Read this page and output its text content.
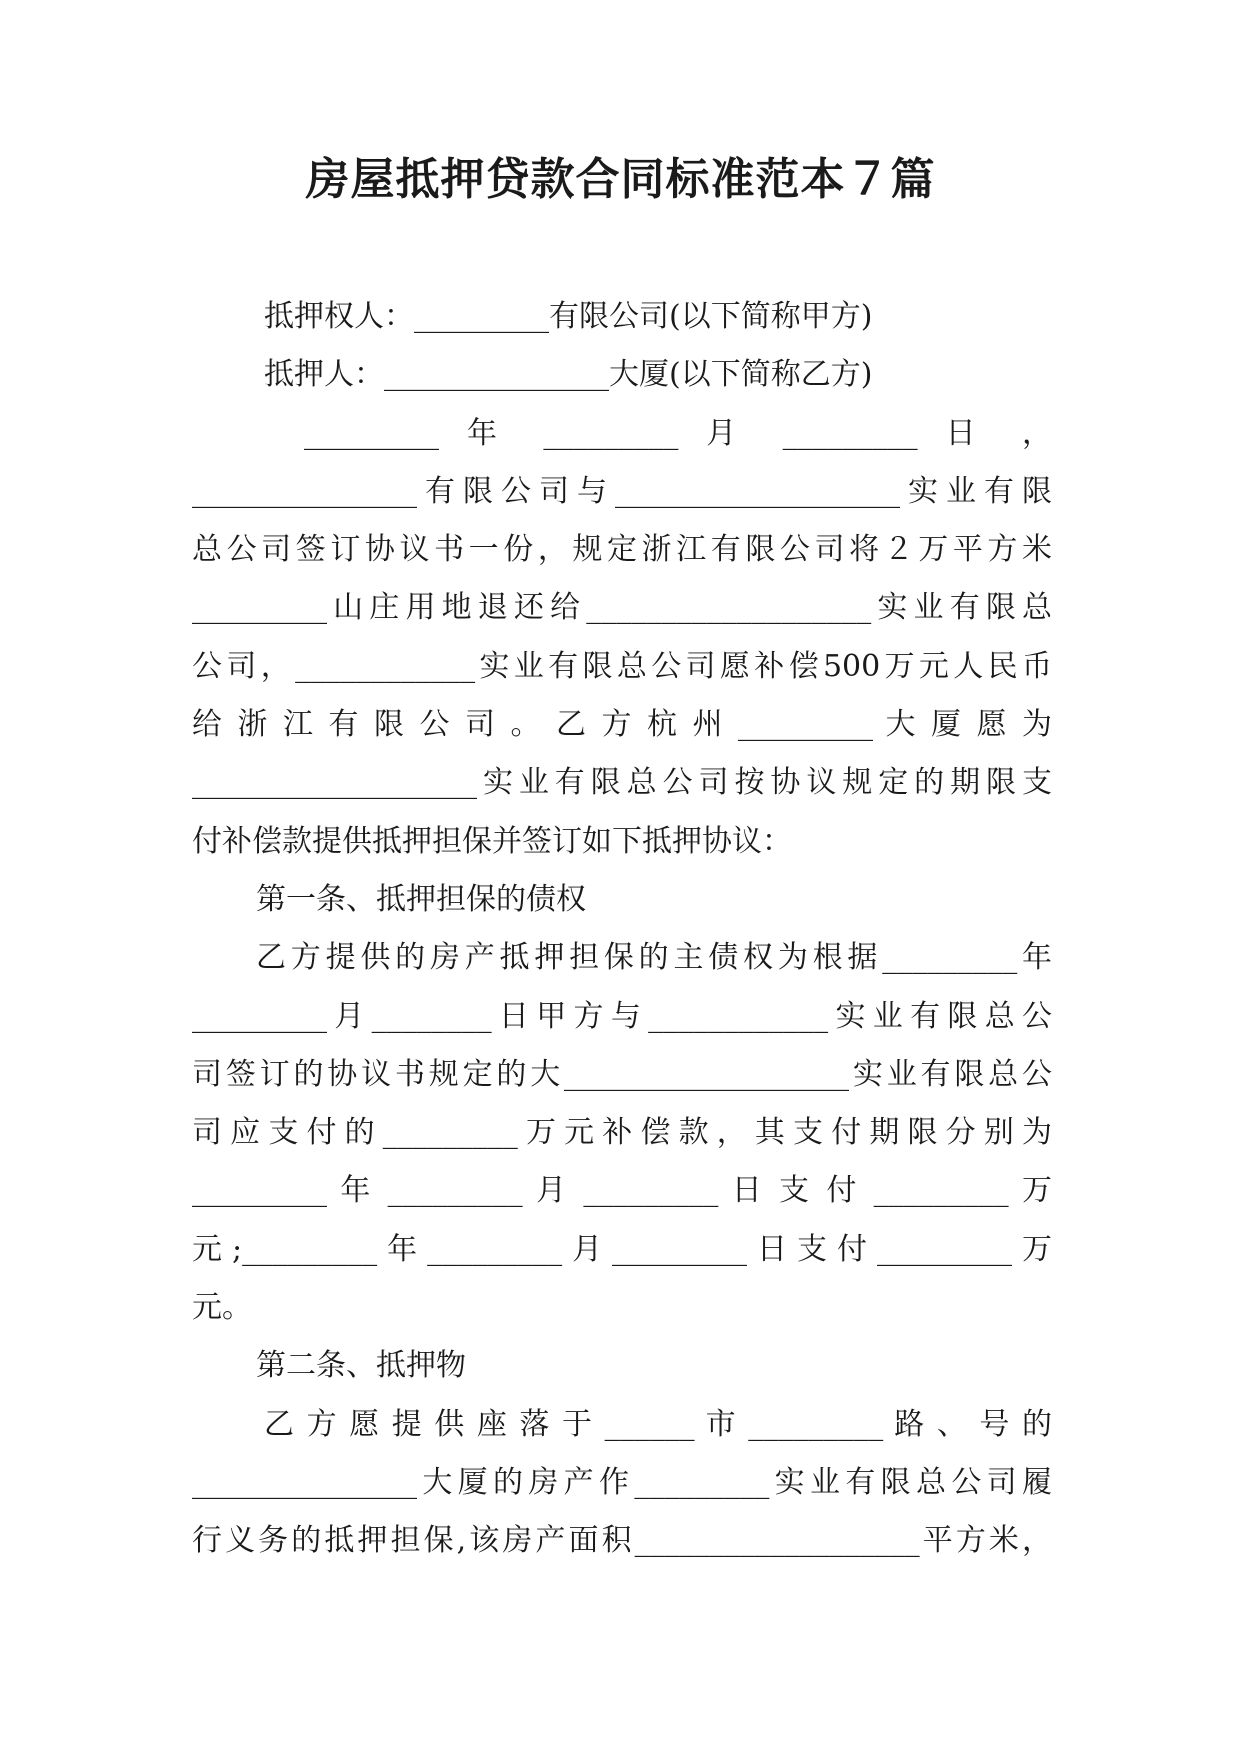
房屋抵押贷款合同标准范本７篇
抵押权人：_________有限公司(以下简称甲方)
抵押人：_______________大厦(以下简称乙方)
_________ 年 _________ 月 _________ 日 ，
_______________有限公司与___________________实业有限
总公司签订协议书一份，规定浙江有限公司将２万平方米
_________山庄用地退还给___________________实业有限总
公司，____________实业有限总公司愿补偿500万元人民币
给 浙 江 有 限 公 司 。 乙 方 杭 州 _________ 大 厦 愿 为
___________________实业有限总公司按协议规定的期限支
付补偿款提供抵押担保并签订如下抵押协议：
第一条、抵押担保的债权
乙方提供的房产抵押担保的主债权为根据_________年
_________月________日甲方与____________实业有限总公
司签订的协议书规定的大___________________实业有限总公
司应支付的_________万元补偿款，其支付期限分别为
_________ 年 _________ 月 _________ 日 支 付 _________ 万
元;_________年_________月_________日支付_________万
元。
第二条、抵押物
乙 方 愿 提 供 座 落 于 ______ 市 _________ 路 、 号 的
_______________大厦的房产作_________实业有限总公司履
行义务的抵押担保,该房产面积___________________平方米，
